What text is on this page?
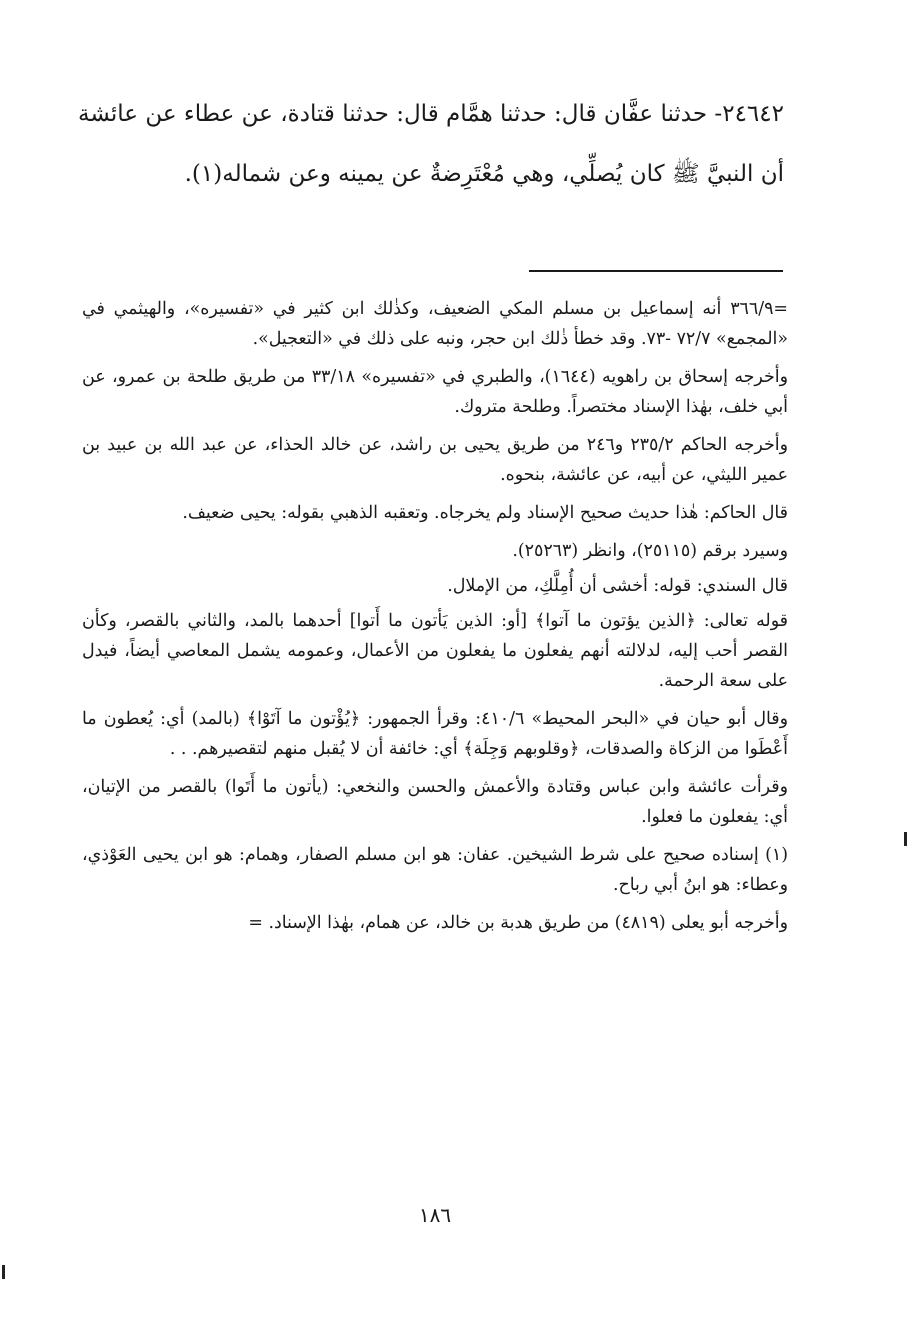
٢٤٦٤٢- حدثنا عفَّان قال: حدثنا همَّام قال: حدثنا قتادة، عن عطاء عن عائشة أن النبيَّ ﷺ كان يُصلِّي، وهي مُعْتَرِضةٌ عن يمينه وعن شماله(١).

=٣٦٦/٩ أنه إسماعيل بن مسلم المكي الضعيف، وكذٰلك ابن كثير في «تفسيره»، والهيثمي في «المجمع» ٧٢/٧ -٧٣. وقد خطأ ذٰلك ابن حجر، ونبه على ذلك في «التعجيل».

وأخرجه إسحاق بن راهويه (١٦٤٤)، والطبري في «تفسيره» ٣٣/١٨ من طريق طلحة بن عمرو، عن أبي خلف، بهٰذا الإسناد مختصراً. وطلحة متروك.

وأخرجه الحاكم ٢٣٥/٢ و٢٤٦ من طريق يحيى بن راشد، عن خالد الحذاء، عن عبد الله بن عبيد بن عمير الليثي، عن أبيه، عن عائشة، بنحوه.

قال الحاكم: هٰذا حديث صحيح الإسناد ولم يخرجاه. وتعقبه الذهبي بقوله: يحيى ضعيف.

وسيرد برقم (٢٥١١٥)، وانظر (٢٥٢٦٣).

قال السندي: قوله: أخشى أن أُمِلَّكِ، من الإملال.

قوله تعالى: ﴿الذين يؤتون ما آتوا﴾ [أو: الذين يَأتون ما أَتوا] أحدهما بالمد، والثاني بالقصر، وكأن القصر أحب إليه، لدلالته أنهم يفعلون ما يفعلون من الأعمال، وعمومه يشمل المعاصي أيضاً، فيدل على سعة الرحمة.

وقال أبو حيان في «البحر المحيط» ٤١٠/٦: وقرأ الجمهور: ﴿يُؤْتون ما آتَوْا﴾ (بالمد) أي: يُعطون ما أَعْطَوا من الزكاة والصدقات، ﴿وقلوبهم وَجِلَة﴾ أي: خائفة أن لا يُقبل منهم لتقصيرهم. . .

وقرأت عائشة وابن عباس وقتادة والأعمش والحسن والنخعي: (يأتون ما أَتَوا) بالقصر من الإتيان، أي: يفعلون ما فعلوا.

(١) إسناده صحيح على شرط الشيخين. عفان: هو ابن مسلم الصفار، وهمام: هو ابن يحيى العَوْذي، وعطاء: هو ابنُ أبي رباح.

وأخرجه أبو يعلى (٤٨١٩) من طريق هدبة بن خالد، عن همام، بهٰذا الإسناد. =

١٨٦
